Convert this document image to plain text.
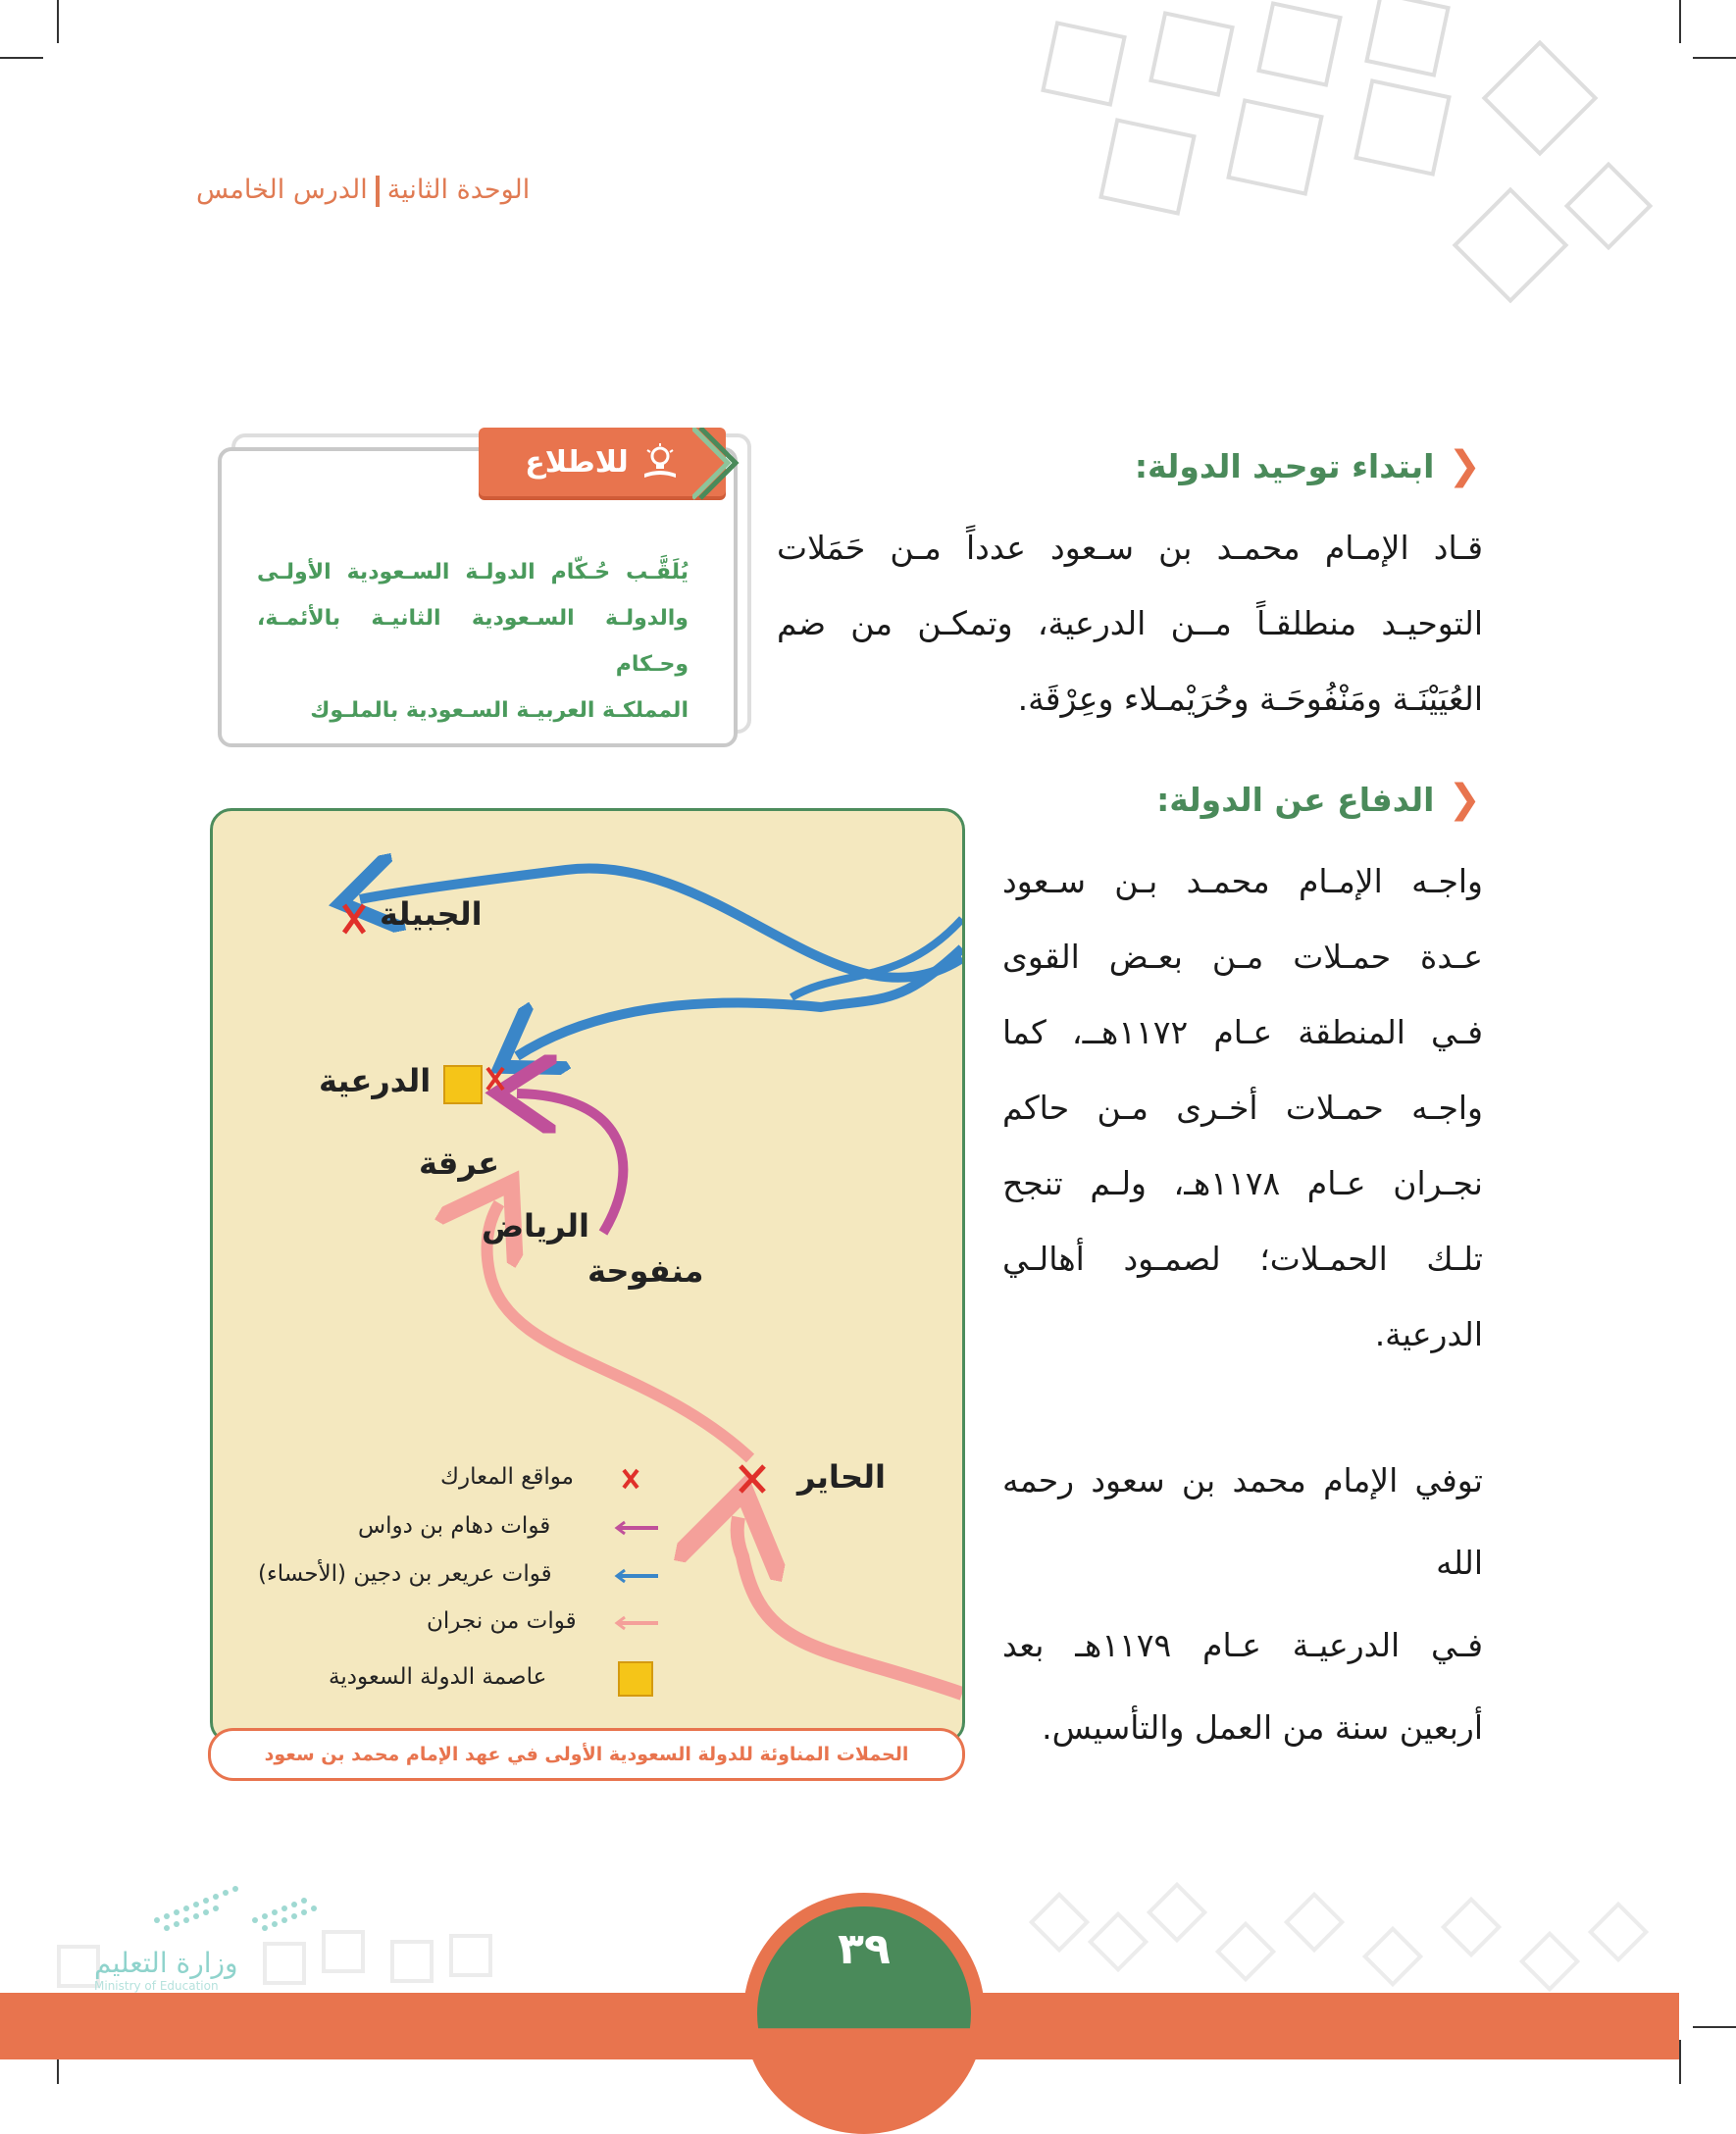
الوحدة الثانيةالدرس الخامس
❮
ابتداء توحيد الدولة:
قـاد الإمـام محمـد بن سـعود عدداً مـن حَمَلات
التوحيـد منطلقـاً مــن الدرعية، وتمكـن من ضم
العُيَيْنَـة ومَنْفُوحَـة وحُرَيْمـلاء وعِرْقَة.
للاطلاع
يُلَقَّـب حُـكّام الدولـة السـعودية الأولـى
والدولـة السـعودية الثانيـة بالأئمـة، وحـكام
المملكـة العربيـة السـعودية بالملـوك
❮
الدفاع عن الدولة:
واجـه الإمـام محمـد بـن سـعود
عـدة حمـلات مـن بعـض القوى
فـي المنطقة عـام ١١٧٢هــ، كما
واجـه حمـلات أخـرى مـن حاكم
نجـران عـام ١١٧٨هـ، ولـم تنجح
تلـك الحمـلات؛ لصمـود أهالـي
الدرعية.
توفي الإمام محمد بن سعود رحمه الله
فـي الدرعيـة عـام ١١٧٩هـ بعد
أربعين سنة من العمل والتأسيس.
الجبيلة
الدرعية
عرقة
الرياض
منفوحة
الحاير
مواقع المعارك
قوات دهام بن دواس
قوات عريعر بن دجين (الأحساء)
قوات من نجران
عاصمة الدولة السعودية
الحملات المناوئة للدولة السعودية الأولى في عهد الإمام محمد بن سعود
وزارة التعليم
Ministry of Education
٣٩
